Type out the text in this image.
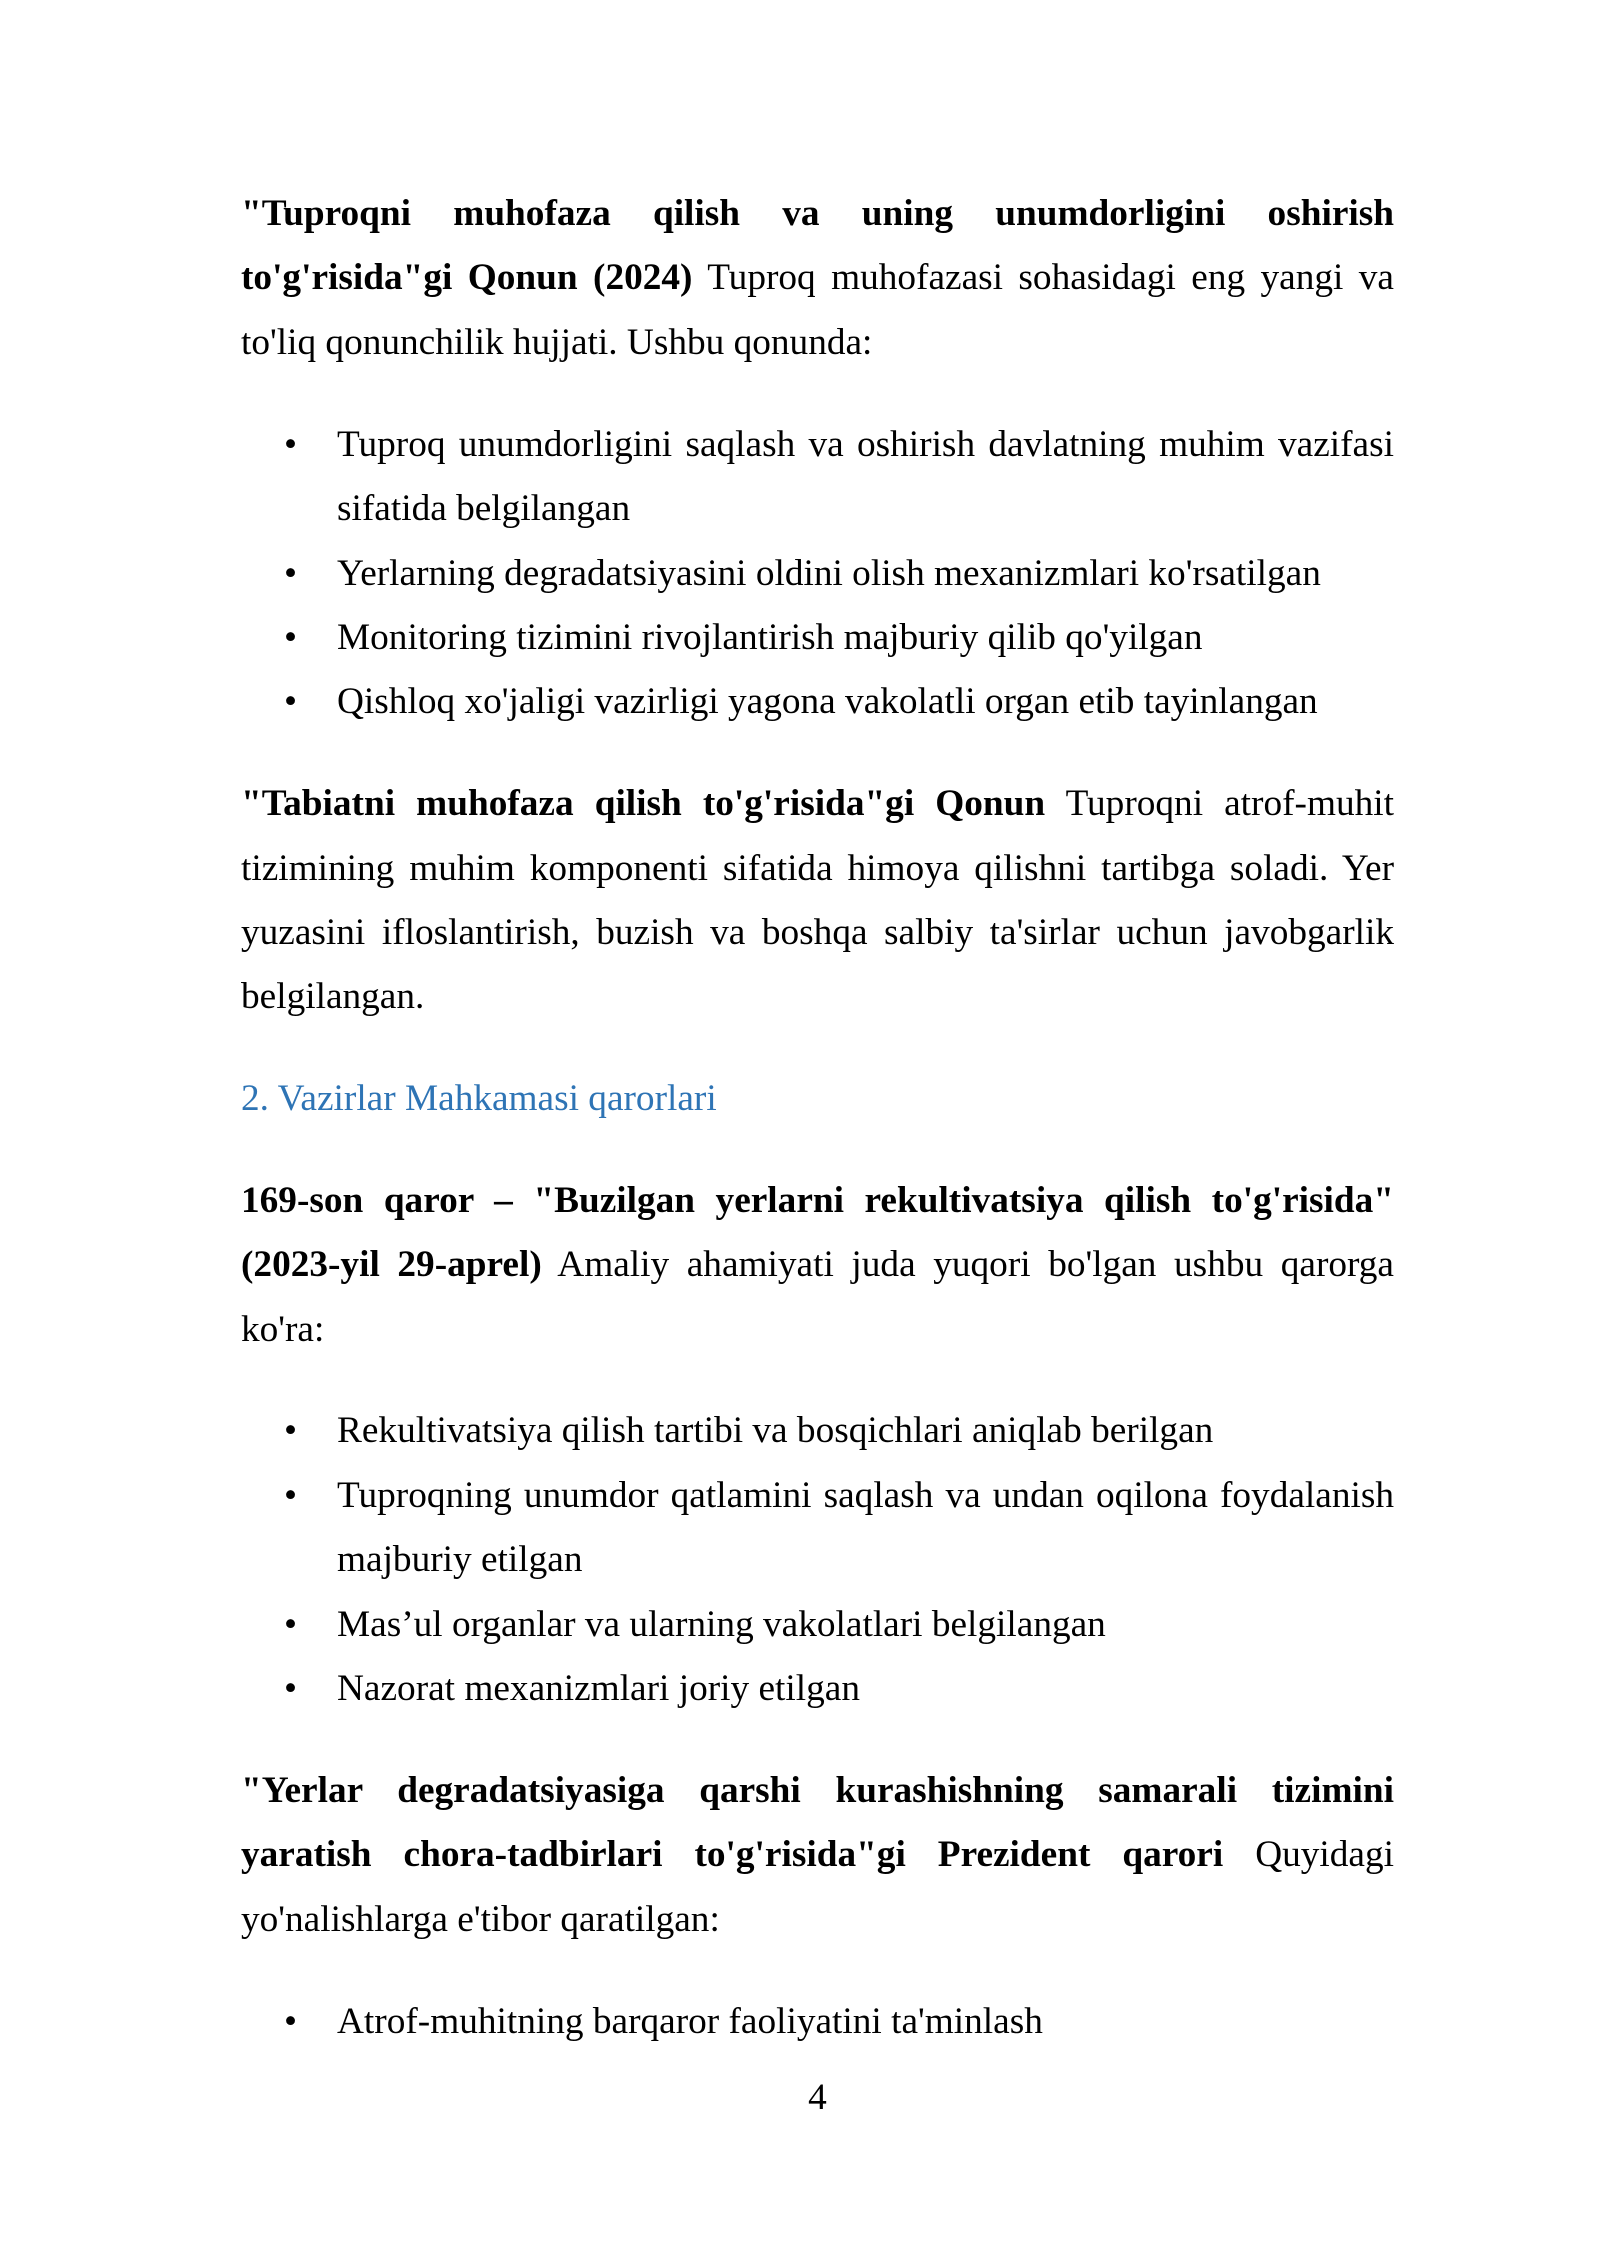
"Tuproqni muhofaza qilish va uning unumdorligini oshirish to'g'risida"gi Qonun (2024) Tuproq muhofazasi sohasidagi eng yangi va to'liq qonunchilik hujjati. Ushbu qonunda:

• Tuproq unumdorligini saqlash va oshirish davlatning muhim vazifasi sifatida belgilangan
• Yerlarning degradatsiyasini oldini olish mexanizmlari ko'rsatilgan
• Monitoring tizimini rivojlantirish majburiy qilib qo'yilgan
• Qishloq xo'jaligi vazirligi yagona vakolatli organ etib tayinlangan

"Tabiatni muhofaza qilish to'g'risida"gi Qonun Tuproqni atrof-muhit tizimining muhim komponenti sifatida himoya qilishni tartibga soladi. Yer yuzasini ifloslantirish, buzish va boshqa salbiy ta'sirlar uchun javobgarlik belgilangan.

2. Vazirlar Mahkamasi qarorlari

169-son qaror – "Buzilgan yerlarni rekultivatsiya qilish to'g'risida" (2023-yil 29-aprel) Amaliy ahamiyati juda yuqori bo'lgan ushbu qarorga ko'ra:

• Rekultivatsiya qilish tartibi va bosqichlari aniqlab berilgan
• Tuproqning unumdor qatlamini saqlash va undan oqilona foydalanish majburiy etilgan
• Mas’ul organlar va ularning vakolatlari belgilangan
• Nazorat mexanizmlari joriy etilgan

"Yerlar degradatsiyasiga qarshi kurashishning samarali tizimini yaratish chora-tadbirlari to'g'risida"gi Prezident qarori Quyidagi yo'nalishlarga e'tibor qaratilgan:

• Atrof-muhitning barqaror faoliyatini ta'minlash
4
